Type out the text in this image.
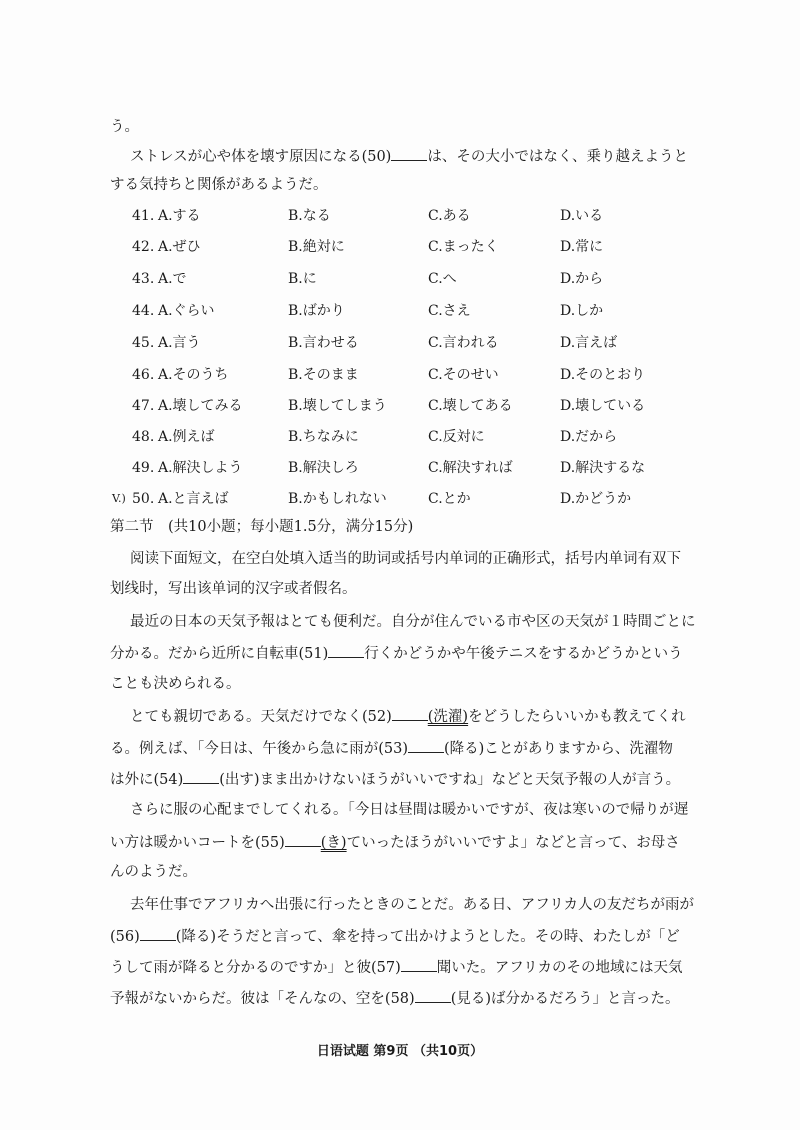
う。
ストレスが心や体を壊す原因になる(50) は、その大小ではなく、乗り越えようと
する気持ちと関係があるようだ。
41. A.する	B.なる	C.ある	D.いる
42. A.ぜひ	B.絶対に	C.まったく	D.常に
43. A.で	B.に	C.へ	D.から
44. A.ぐらい	B.ばかり	C.さえ	D.しか
45. A.言う	B.言わせる	C.言われる	D.言えば
46. A.そのうち	B.そのまま	C.そのせい	D.そのとおり
47. A.壊してみる	B.壊してしまう	C.壊してある	D.壊している
48. A.例えば	B.ちなみに	C.反対に	D.だから
49. A.解決しよう	B.解決しろ	C.解決すれば	D.解決するな
V.) 50. A.と言えば	B.かもしれない	C.とか	D.かどうか
第二节　(共10小题；每小题1.5分，满分15分)
阅读下面短文，在空白处填入适当的助词或括号内单词的正确形式，括号内单词有双下
划线时，写出该单词的汉字或者假名。
最近の日本の天気予報はとても便利だ。自分が住んでいる市や区の天気が１時間ごとに
分かる。だから近所に自転車(51) 行くかどうかや午後テニスをするかどうかという
ことも決められる。
とても親切である。天気だけでなく(52) (洗濯)をどうしたらいいかも教えてくれ
る。例えば、「今日は、午後から急に雨が(53) (降る)ことがありますから、洗濯物
は外に(54) (出す)まま出かけないほうがいいですね」などと天気予報の人が言う。
さらに服の心配までしてくれる。「今日は昼間は暖かいですが、夜は寒いので帰りが遅
い方は暖かいコートを(55) (き)ていったほうがいいですよ」などと言って、お母さ
んのようだ。
去年仕事でアフリカへ出張に行ったときのことだ。ある日、アフリカ人の友だちが雨が
(56) (降る)そうだと言って、傘を持って出かけようとした。その時、わたしが「ど
うして雨が降ると分かるのですか」と彼(57) 聞いた。アフリカのその地域には天気
予報がないからだ。彼は「そんなの、空を(58) (見る)ば分かるだろう」と言った。
日语试题 第9页 （共10页）
